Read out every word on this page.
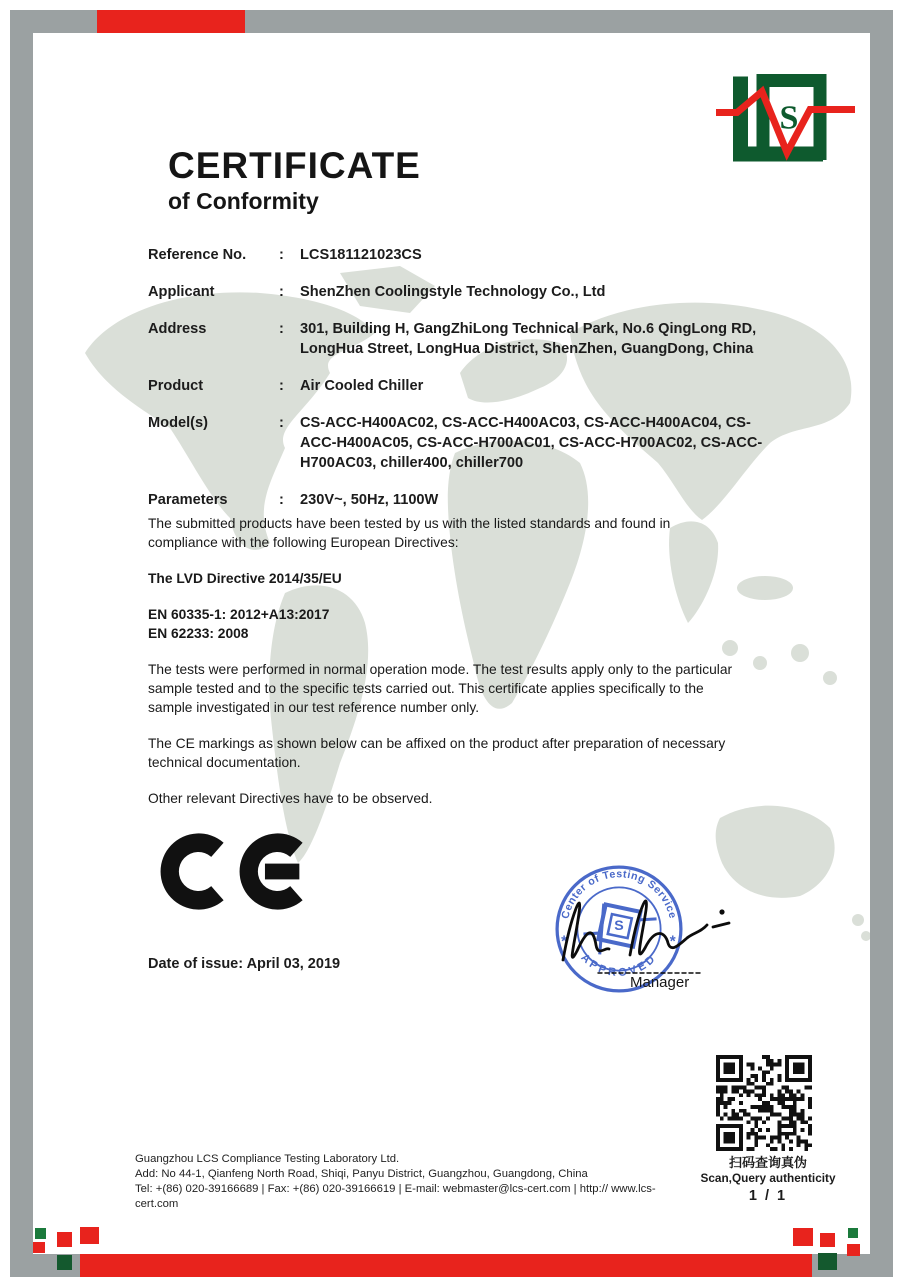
S
CERTIFICATE
of Conformity
Reference No.	:	LCS181121023CS
Applicant	:	ShenZhen Coolingstyle Technology Co., Ltd
Address	:	301, Building H, GangZhiLong Technical Park, No.6 QingLong RD, LongHua Street, LongHua District, ShenZhen, GuangDong, China
Product	:	Air Cooled Chiller
Model(s)	:	CS-ACC-H400AC02, CS-ACC-H400AC03, CS-ACC-H400AC04, CS-ACC-H400AC05, CS-ACC-H700AC01, CS-ACC-H700AC02, CS-ACC-H700AC03, chiller400, chiller700
Parameters	:	230V~, 50Hz, 1100W

The submitted products have been tested by us with the listed standards and found in compliance with the following European Directives:

The LVD Directive 2014/35/EU

EN 60335-1: 2012+A13:2017

EN 62233: 2008

The tests were performed in normal operation mode. The test results apply only to the particular sample tested and to the specific tests carried out. This certificate applies specifically to the sample investigated in our test reference number only.

The CE markings as shown below can be affixed on the product after preparation of necessary technical documentation.

Other relevant Directives have to be observed.

Date of issue: April 03, 2019
Center of Testing Service
APPROVED
*	*
S
Manager
扫码查询真伪
Scan,Query authenticity
1 / 1
Guangzhou LCS Compliance Testing Laboratory Ltd.
Add: No 44-1, Qianfeng North Road, Shiqi, Panyu District, Guangzhou, Guangdong, China
Tel: +(86) 020-39166689 | Fax: +(86) 020-39166619 | E-mail: webmaster@lcs-cert.com | http:// www.lcs-cert.com
